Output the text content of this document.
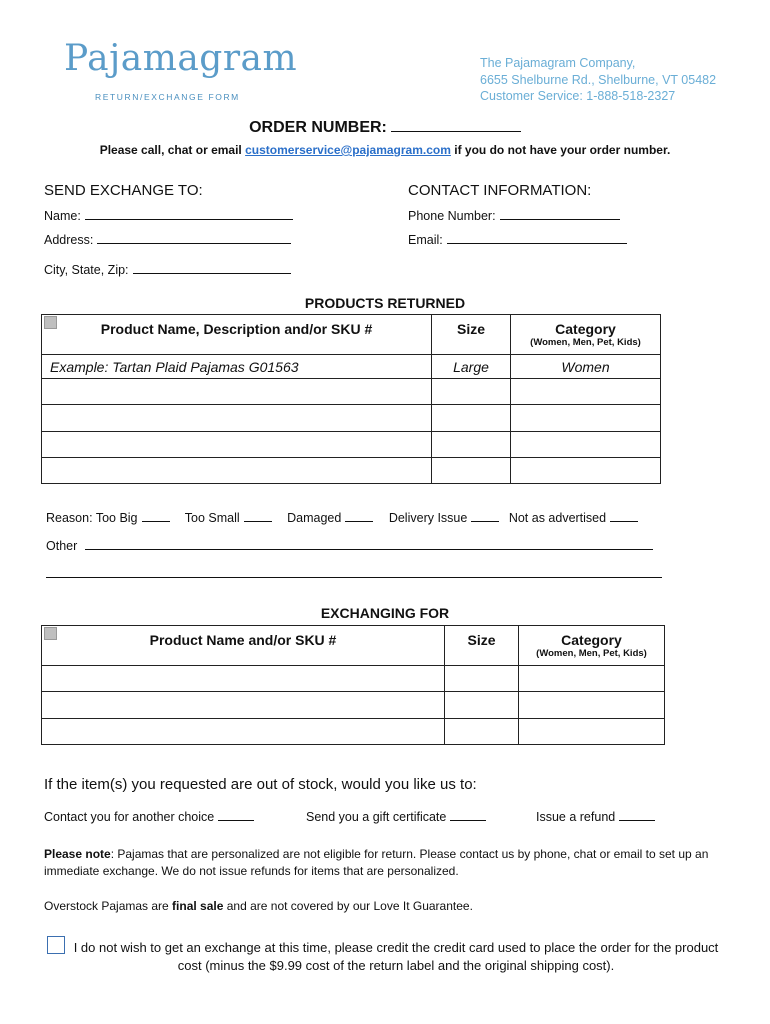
Pajamagram
RETURN/EXCHANGE FORM
The Pajamagram Company,
6655 Shelburne Rd., Shelburne, VT 05482
Customer Service: 1-888-518-2327
ORDER NUMBER:
Please call, chat or email customerservice@pajamagram.com if you do not have your order number.
SEND EXCHANGE TO:	CONTACT INFORMATION:
Name:
Address:
City, State, Zip:
Phone Number:
Email:
PRODUCTS RETURNED
Product Name, Description and/or SKU #	Size	Category
(Women, Men, Pet, Kids)

Example: Tartan Plaid Pajamas G01563	Large	Women

Reason: Too Big	Too Small	Damaged	Delivery Issue	Not as advertised
Other
EXCHANGING FOR
Product Name and/or SKU #	Size	Category
(Women, Men, Pet, Kids)

If the item(s) you requested are out of stock, would you like us to:
Contact you for another choice	Send you a gift certificate	Issue a refund
Please note: Pajamas that are personalized are not eligible for return. Please contact us by phone, chat or email to set up an immediate exchange. We do not issue refunds for items that are personalized.
Overstock Pajamas are final sale and are not covered by our Love It Guarantee.
I do not wish to get an exchange at this time, please credit the credit card used to place the order for the product cost (minus the $9.99 cost of the return label and the original shipping cost).
